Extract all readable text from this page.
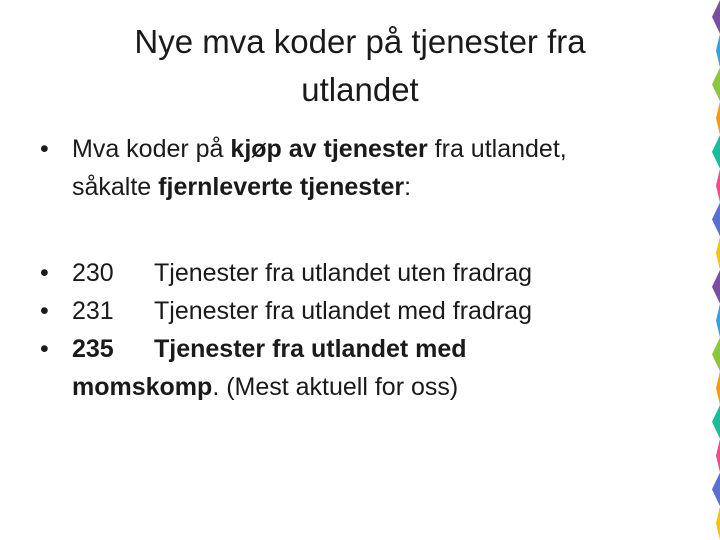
Nye mva koder på tjenester fra
utlandet
• Mva koder på kjøp av tjenester fra utlandet,
såkalte fjernleverte tjenester:
• 230 Tjenester fra utlandet uten fradrag
• 231 Tjenester fra utlandet med fradrag
• 235 Tjenester fra utlandet med
momskomp. (Mest aktuell for oss)
